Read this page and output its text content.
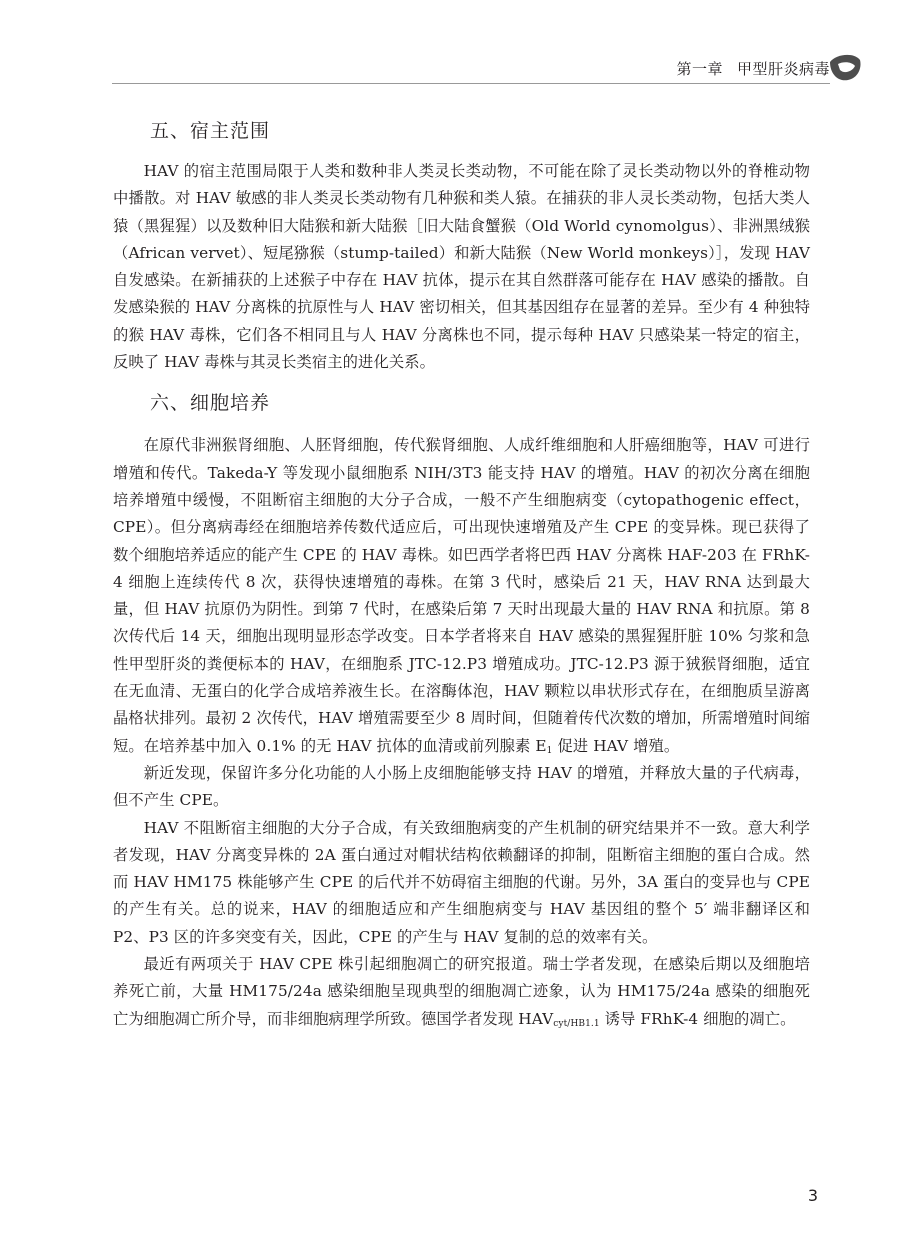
第一章 甲型肝炎病毒
五、宿主范围

HAV 的宿主范围局限于人类和数种非人类灵长类动物，不可能在除了灵长类动物以外的脊椎动物中播散。对 HAV 敏感的非人类灵长类动物有几种猴和类人猿。在捕获的非人灵长类动物，包括大类人猿（黑猩猩）以及数种旧大陆猴和新大陆猴［旧大陆食蟹猴（Old World cynomolgus）、非洲黑绒猴（African vervet）、短尾猕猴（stump-tailed）和新大陆猴（New World monkeys）］，发现 HAV 自发感染。在新捕获的上述猴子中存在 HAV 抗体，提示在其自然群落可能存在 HAV 感染的播散。自发感染猴的 HAV 分离株的抗原性与人 HAV 密切相关，但其基因组存在显著的差异。至少有 4 种独特的猴 HAV 毒株，它们各不相同且与人 HAV 分离株也不同，提示每种 HAV 只感染某一特定的宿主，反映了 HAV 毒株与其灵长类宿主的进化关系。

六、细胞培养

在原代非洲猴肾细胞、人胚肾细胞，传代猴肾细胞、人成纤维细胞和人肝癌细胞等，HAV 可进行增殖和传代。Takeda-Y 等发现小鼠细胞系 NIH/3T3 能支持 HAV 的增殖。HAV 的初次分离在细胞培养增殖中缓慢，不阻断宿主细胞的大分子合成，一般不产生细胞病变（cytopathogenic effect，CPE）。但分离病毒经在细胞培养传数代适应后，可出现快速增殖及产生 CPE 的变异株。现已获得了数个细胞培养适应的能产生 CPE 的 HAV 毒株。如巴西学者将巴西 HAV 分离株 HAF-203 在 FRhK-4 细胞上连续传代 8 次，获得快速增殖的毒株。在第 3 代时，感染后 21 天，HAV RNA 达到最大量，但 HAV 抗原仍为阴性。到第 7 代时，在感染后第 7 天时出现最大量的 HAV RNA 和抗原。第 8 次传代后 14 天，细胞出现明显形态学改变。日本学者将来自 HAV 感染的黑猩猩肝脏 10% 匀浆和急性甲型肝炎的粪便标本的 HAV，在细胞系 JTC-12.P3 增殖成功。JTC-12.P3 源于狨猴肾细胞，适宜在无血清、无蛋白的化学合成培养液生长。在溶酶体泡，HAV 颗粒以串状形式存在，在细胞质呈游离晶格状排列。最初 2 次传代，HAV 增殖需要至少 8 周时间，但随着传代次数的增加，所需增殖时间缩短。在培养基中加入 0.1% 的无 HAV 抗体的血清或前列腺素 $E_1$ 促进 HAV 增殖。

新近发现，保留许多分化功能的人小肠上皮细胞能够支持 HAV 的增殖，并释放大量的子代病毒，但不产生 CPE。

HAV 不阻断宿主细胞的大分子合成，有关致细胞病变的产生机制的研究结果并不一致。意大利学者发现，HAV 分离变异株的 2A 蛋白通过对帽状结构依赖翻译的抑制，阻断宿主细胞的蛋白合成。然而 HAV HM175 株能够产生 CPE 的后代并不妨碍宿主细胞的代谢。另外，3A 蛋白的变异也与 CPE 的产生有关。总的说来，HAV 的细胞适应和产生细胞病变与 HAV 基因组的整个 5′ 端非翻译区和 P2、P3 区的许多突变有关，因此，CPE 的产生与 HAV 复制的总的效率有关。

最近有两项关于 HAV CPE 株引起细胞凋亡的研究报道。瑞士学者发现，在感染后期以及细胞培养死亡前，大量 HM175/24a 感染细胞呈现典型的细胞凋亡迹象，认为 HM175/24a 感染的细胞死亡为细胞凋亡所介导，而非细胞病理学所致。德国学者发现 $HAV_{cyt/HB1.1}$ 诱导 FRhK-4 细胞的凋亡。

3
